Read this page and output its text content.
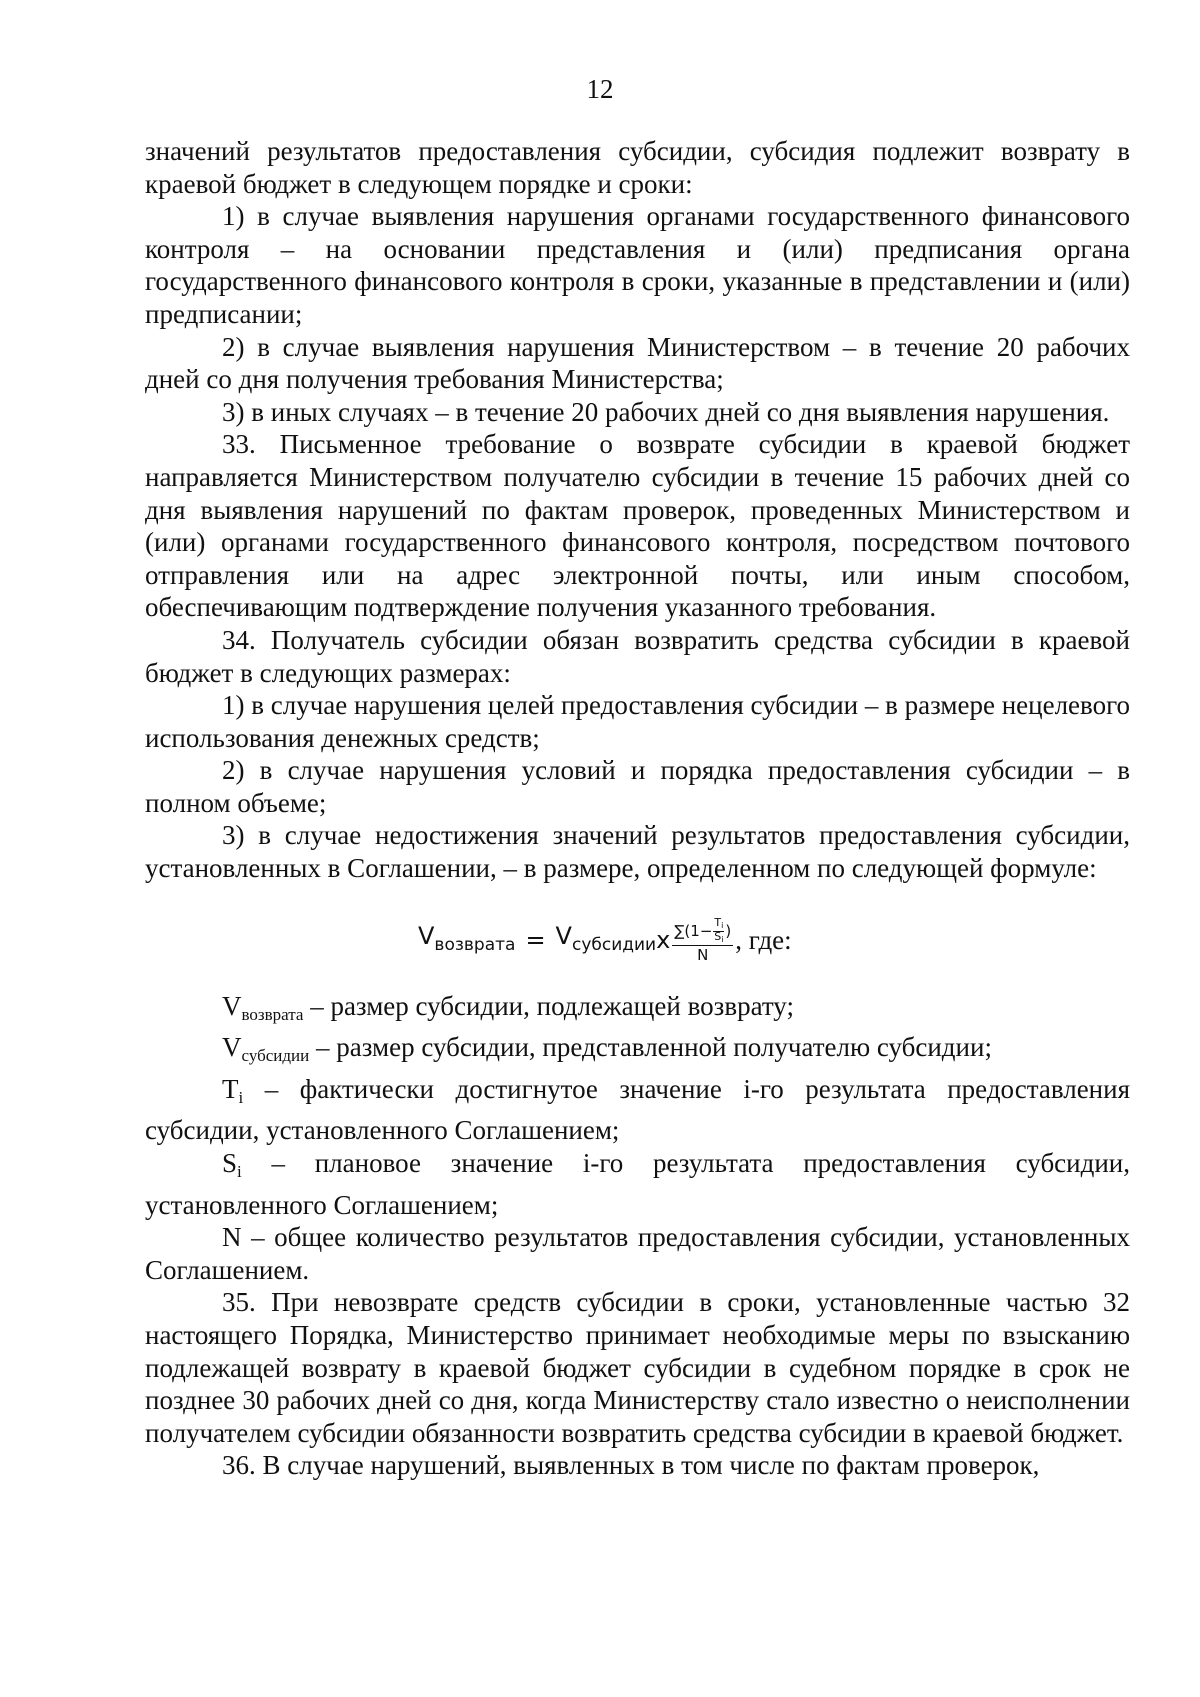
12

значений результатов предоставления субсидии, субсидия подлежит возврату в краевой бюджет в следующем порядке и сроки:

1) в случае выявления нарушения органами государственного финансового контроля – на основании представления и (или) предписания органа государственного финансового контроля в сроки, указанные в представлении и (или) предписании;

2) в случае выявления нарушения Министерством – в течение 20 рабочих дней со дня получения требования Министерства;

3) в иных случаях – в течение 20 рабочих дней со дня выявления нарушения.

33. Письменное требование о возврате субсидии в краевой бюджет направляется Министерством получателю субсидии в течение 15 рабочих дней со дня выявления нарушений по фактам проверок, проведенных Министерством и (или) органами государственного финансового контроля, посредством почтового отправления или на адрес электронной почты, или иным способом, обеспечивающим подтверждение получения указанного требования.

34. Получатель субсидии обязан возвратить средства субсидии в краевой бюджет в следующих размерах:

1) в случае нарушения целей предоставления субсидии – в размере нецелевого использования денежных средств;

2) в случае нарушения условий и порядка предоставления субсидии – в полном объеме;

3) в случае недостижения значений результатов предоставления субсидии, установленных в Соглашении, – в размере, определенном по следующей формуле:

$V_{возврата} = V_{субсидии}$ x $\sum(1- \frac{T_i}{S_i}$ )
N , где:

$V_{возврата}$ – размер субсидии, подлежащей возврату;

$V_{субсидии}$ – размер субсидии, представленной получателю субсидии;

$T_i$ – фактически достигнутое значение i-го результата предоставления субсидии, установленного Соглашением;

$S_i$ – плановое значение i-го результата предоставления субсидии, установленного Соглашением;

N – общее количество результатов предоставления субсидии, установленных Соглашением.

35. При невозврате средств субсидии в сроки, установленные частью 32 настоящего Порядка, Министерство принимает необходимые меры по взысканию подлежащей возврату в краевой бюджет субсидии в судебном порядке в срок не позднее 30 рабочих дней со дня, когда Министерству стало известно о неисполнении получателем субсидии обязанности возвратить средства субсидии в краевой бюджет.

36. В случае нарушений, выявленных в том числе по фактам проверок,
